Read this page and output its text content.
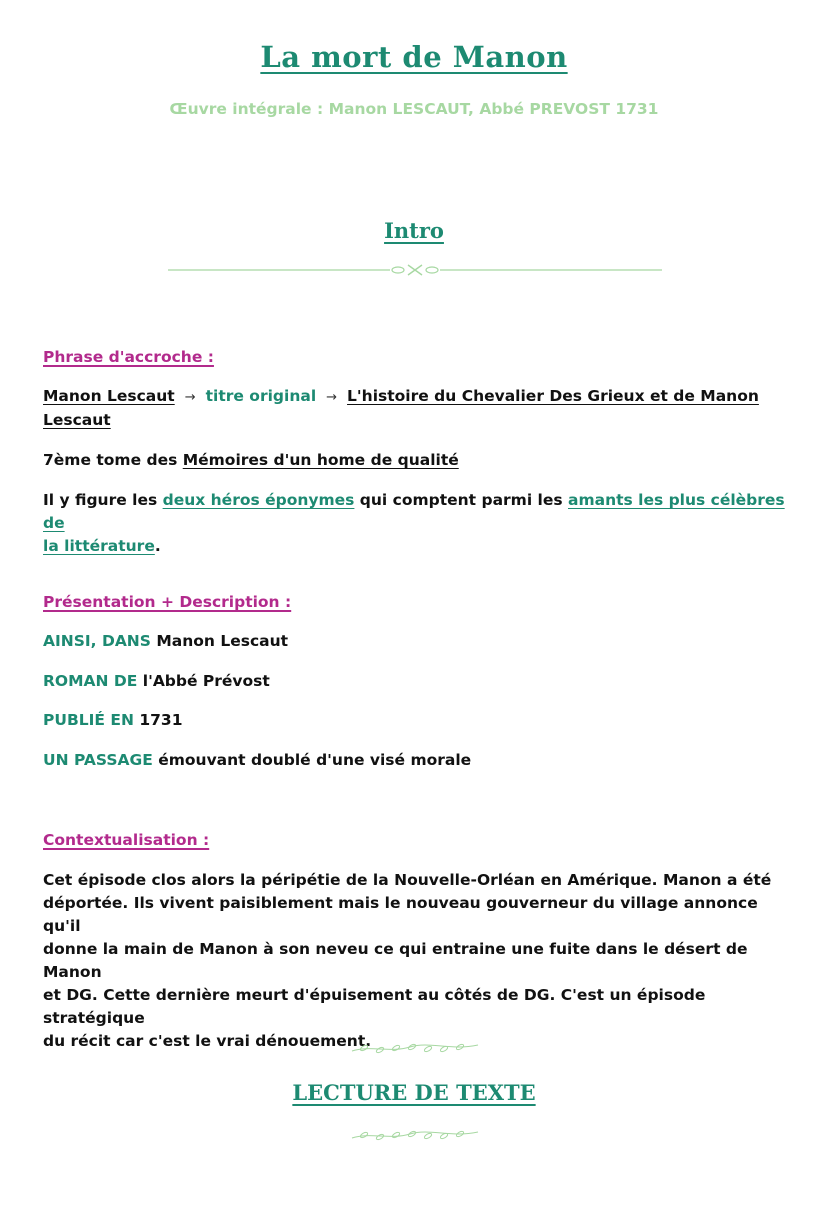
La mort de Manon
Œuvre intégrale : Manon LESCAUT, Abbé PREVOST 1731
Intro
Phrase d'accroche :
Manon Lescaut → titre original → L'histoire du Chevalier Des Grieux et de Manon
Lescaut
7ème tome des Mémoires d'un home de qualité
Il y figure les deux héros éponymes qui comptent parmi les amants les plus célèbres de
la littérature.
Présentation + Description :
AINSI, DANS Manon Lescaut
ROMAN DE l'Abbé Prévost
PUBLIÉ EN 1731
UN PASSAGE émouvant doublé d'une visé morale
Contextualisation :
Cet épisode clos alors la péripétie de la Nouvelle-Orléan en Amérique. Manon a été
déportée. Ils vivent paisiblement mais le nouveau gouverneur du village annonce qu'il
donne la main de Manon à son neveu ce qui entraine une fuite dans le désert de Manon
et DG. Cette dernière meurt d'épuisement au côtés de DG. C'est un épisode stratégique
du récit car c'est le vrai dénouement.
LECTURE DE TEXTE
